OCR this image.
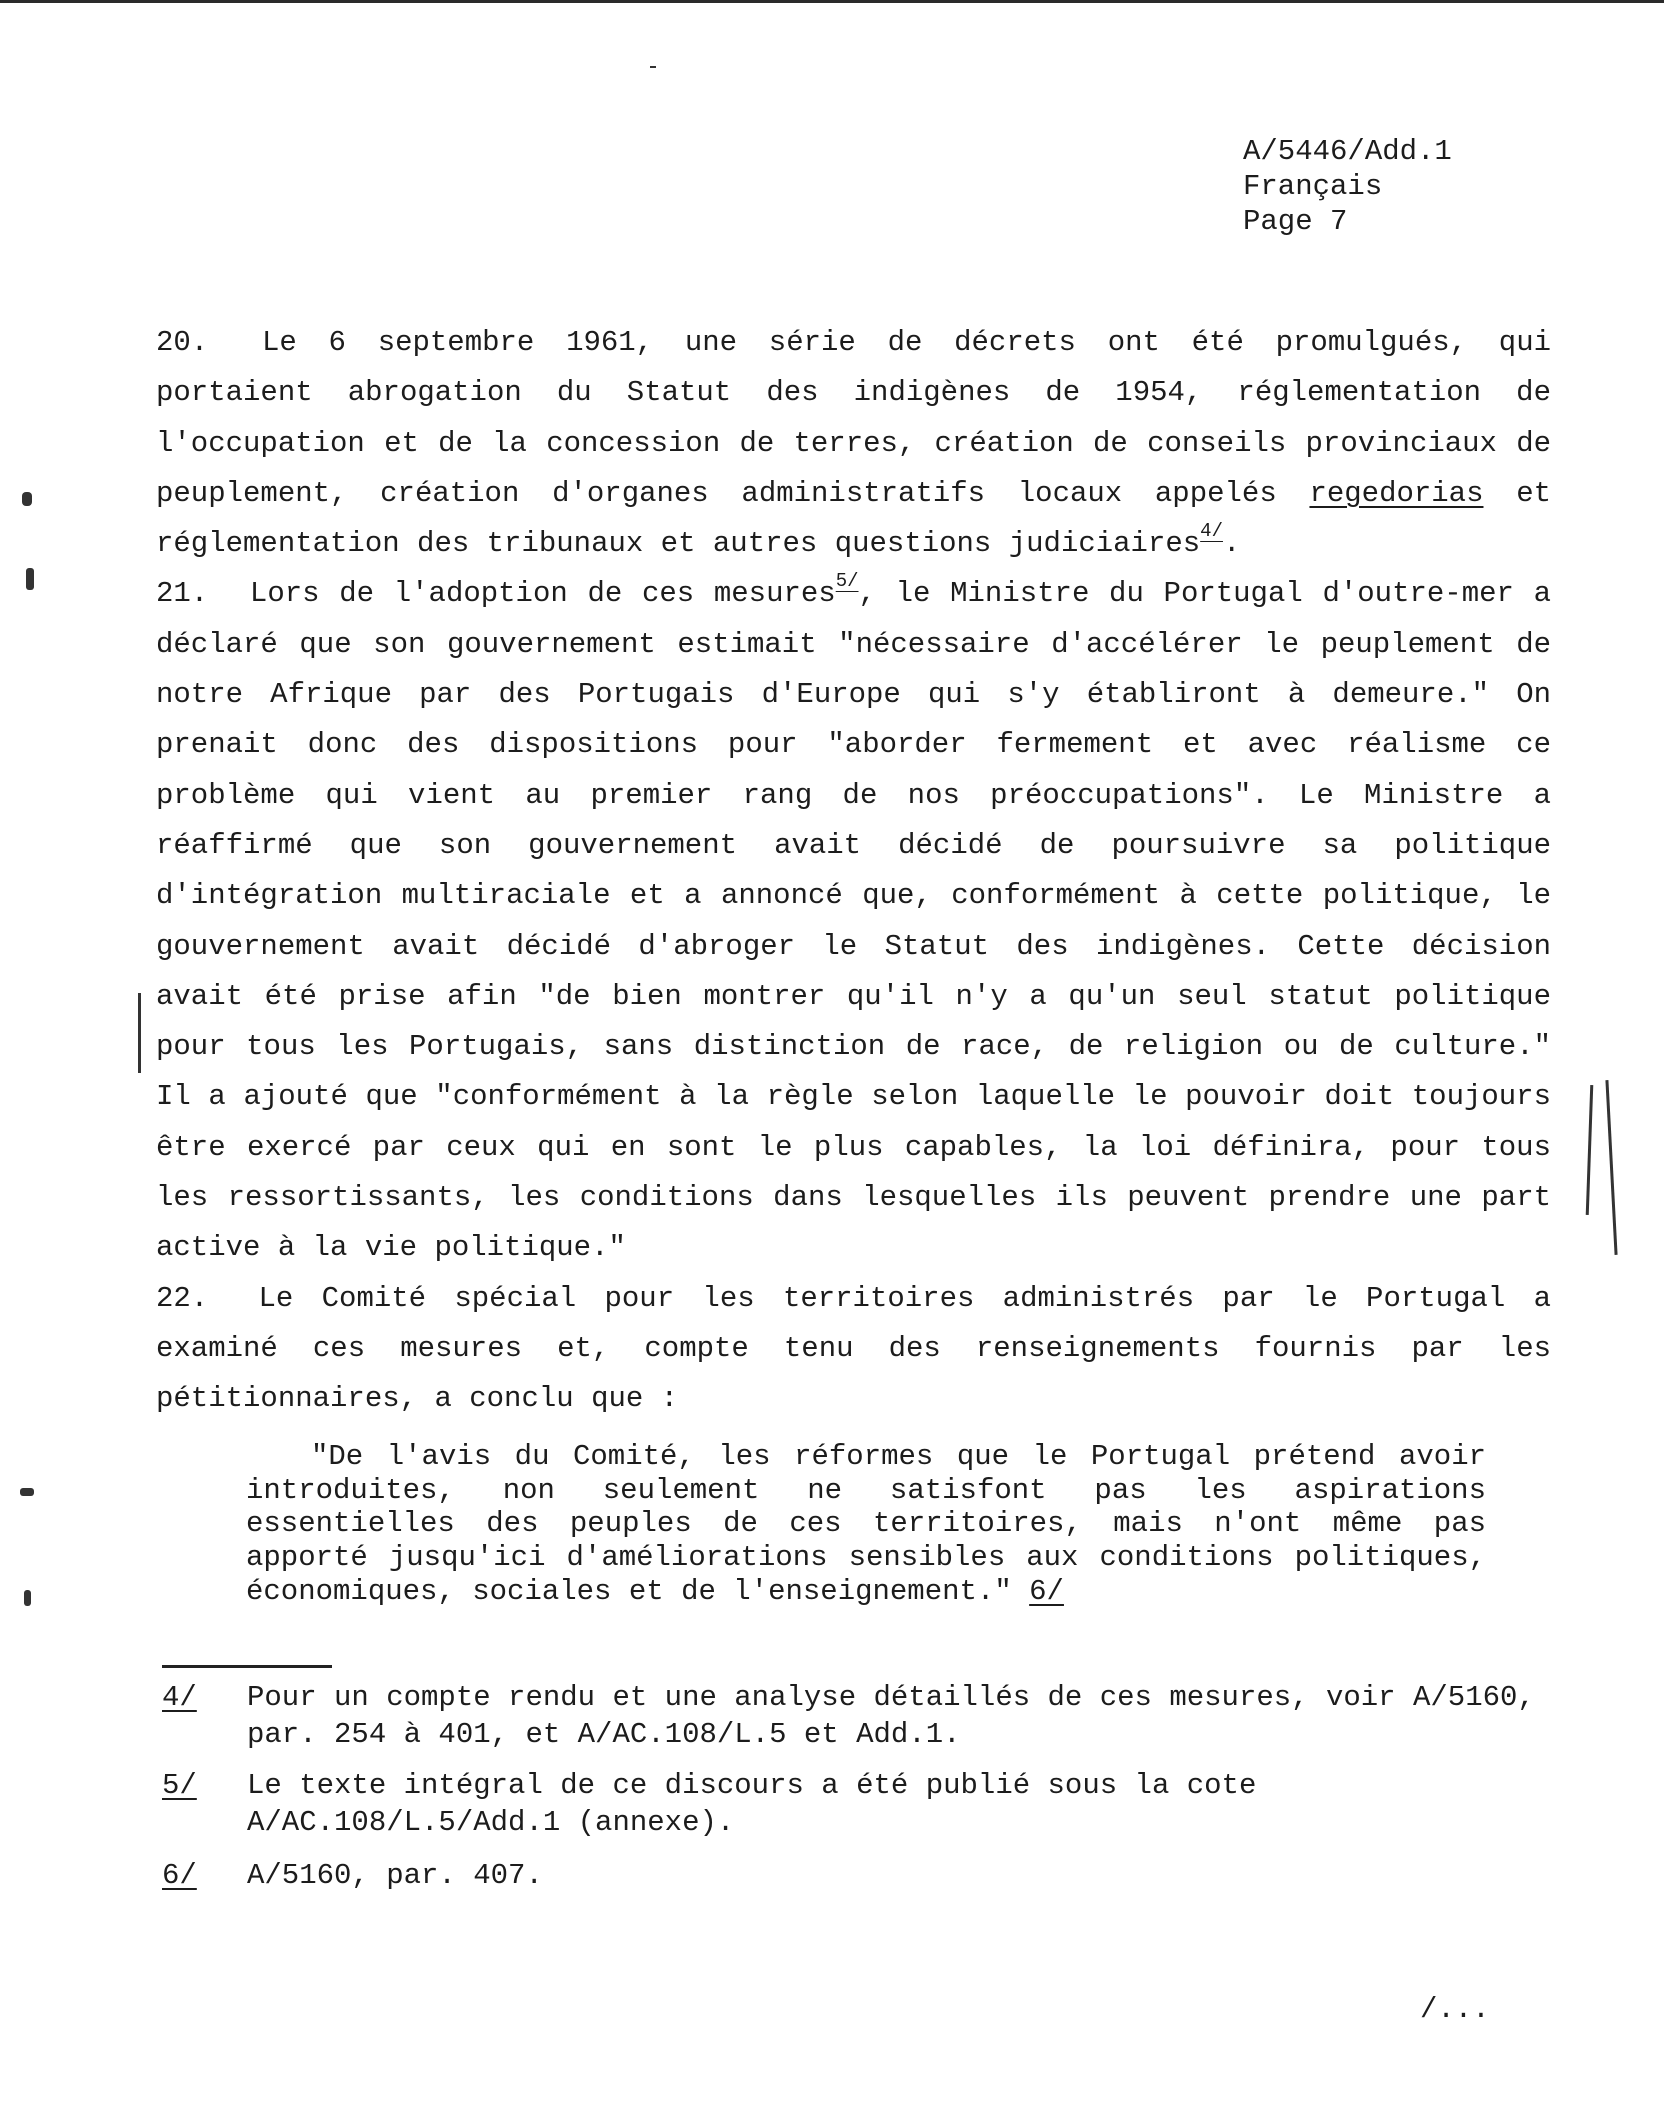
A/5446/Add.1
Français
Page 7

20. Le 6 septembre 1961, une série de décrets ont été promulgués, qui portaient abrogation du Statut des indigènes de 1954, réglementation de l'occupation et de la concession de terres, création de conseils provinciaux de peuplement, création d'organes administratifs locaux appelés regedorias et réglementation des tribunaux et autres questions judiciaires$^{4/}$.

21. Lors de l'adoption de ces mesures$^{5/}$, le Ministre du Portugal d'outre-mer a déclaré que son gouvernement estimait "nécessaire d'accélérer le peuplement de notre Afrique par des Portugais d'Europe qui s'y établiront à demeure." On prenait donc des dispositions pour "aborder fermement et avec réalisme ce problème qui vient au premier rang de nos préoccupations". Le Ministre a réaffirmé que son gouvernement avait décidé de poursuivre sa politique d'intégration multiraciale et a annoncé que, conformément à cette politique, le gouvernement avait décidé d'abroger le Statut des indigènes. Cette décision avait été prise afin "de bien montrer qu'il n'y a qu'un seul statut politique pour tous les Portugais, sans distinction de race, de religion ou de culture." Il a ajouté que "conformément à la règle selon laquelle le pouvoir doit toujours être exercé par ceux qui en sont le plus capables, la loi définira, pour tous les ressortissants, les conditions dans lesquelles ils peuvent prendre une part active à la vie politique."

22. Le Comité spécial pour les territoires administrés par le Portugal a examiné ces mesures et, compte tenu des renseignements fournis par les pétitionnaires, a conclu que :

"De l'avis du Comité, les réformes que le Portugal prétend avoir introduites, non seulement ne satisfont pas les aspirations essentielles des peuples de ces territoires, mais n'ont même pas apporté jusqu'ici d'améliorations sensibles aux conditions politiques, économiques, sociales et de l'enseignement." 6/
4/	Pour un compte rendu et une analyse détaillés de ces mesures, voir A/5160, par. 254 à 401, et A/AC.108/L.5 et Add.1.
5/	Le texte intégral de ce discours a été publié sous la cote A/AC.108/L.5/Add.1 (annexe).
6/	A/5160, par. 407.
/...
